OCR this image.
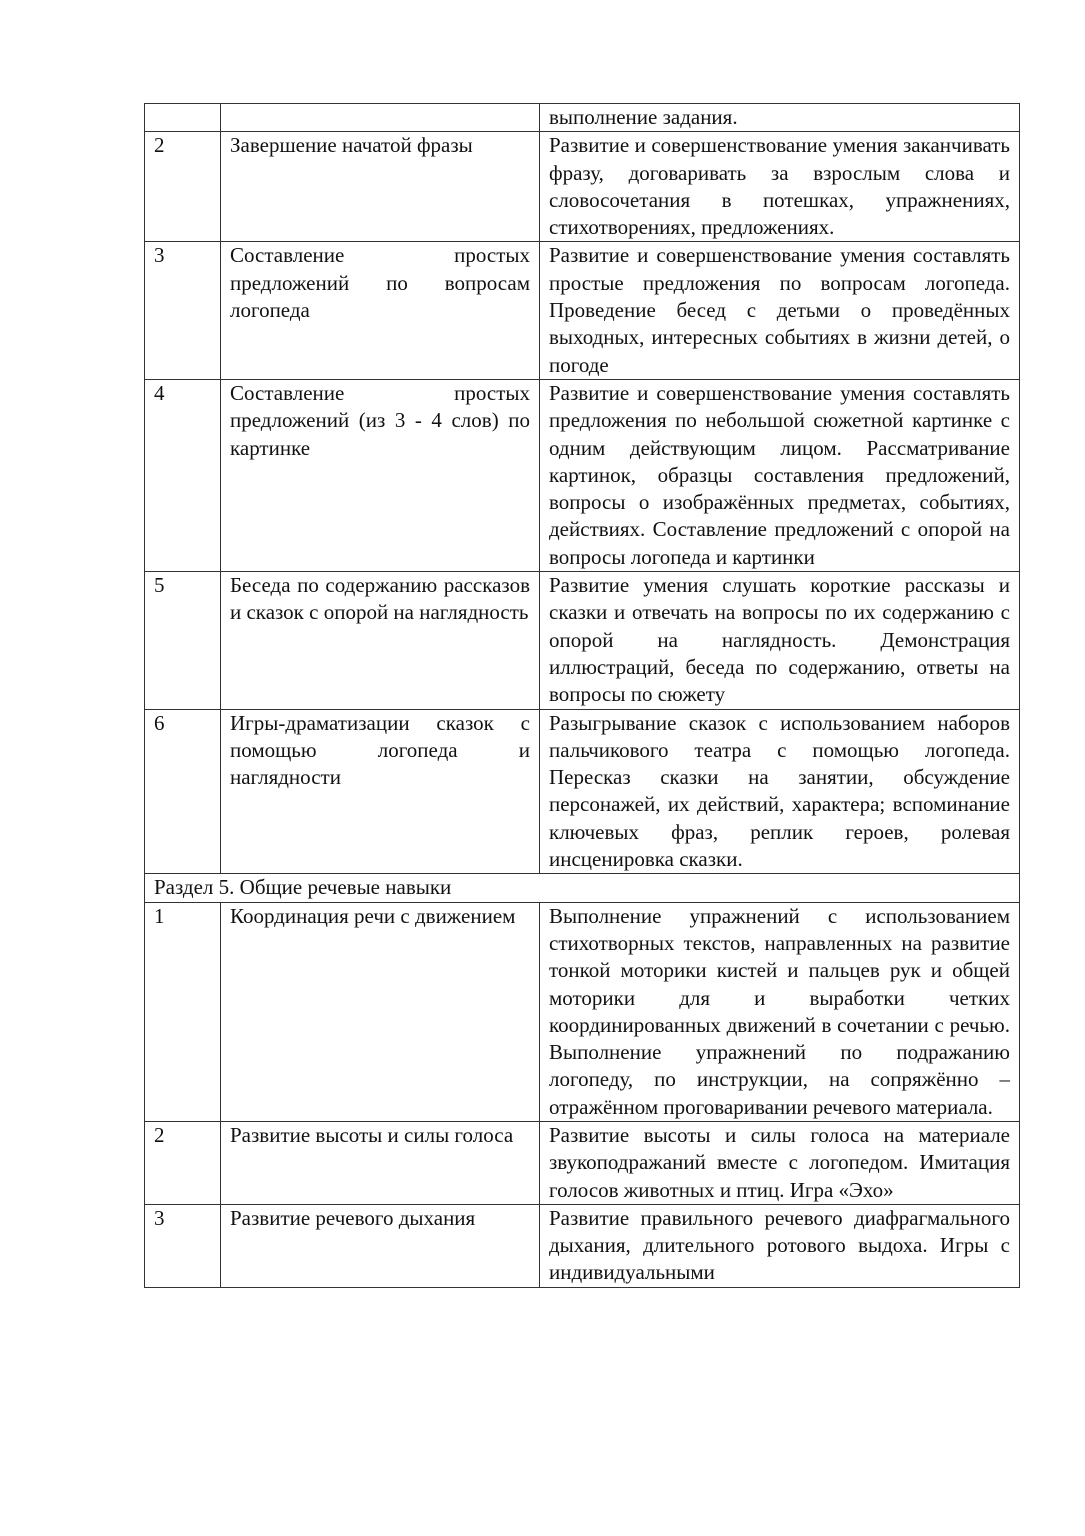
		выполнение задания.
2	Завершение начатой фразы	Развитие и совершенствование умения заканчивать фразу, договаривать за взрослым слова и словосочетания в потешках, упражнениях, стихотворениях, предложениях.
3	Составление простых предложений по вопросам логопеда	Развитие и совершенствование умения составлять простые предложения по вопросам логопеда. Проведение бесед с детьми о проведённых выходных, интересных событиях в жизни детей, о погоде
4	Составление простых предложений (из 3 - 4 слов) по картинке	Развитие и совершенствование умения составлять предложения по небольшой сюжетной картинке с одним действующим лицом. Рассматривание картинок, образцы составления предложений, вопросы о изображённых предметах, событиях, действиях. Составление предложений с опорой на вопросы логопеда и картинки
5	Беседа по содержанию рассказов и сказок с опорой на наглядность	Развитие умения слушать короткие рассказы и сказки и отвечать на вопросы по их содержанию с опорой на наглядность. Демонстрация иллюстраций, беседа по содержанию, ответы на вопросы по сюжету
6	Игры-драматизации сказок с помощью логопеда и наглядности	Разыгрывание сказок с использованием наборов пальчикового театра с помощью логопеда. Пересказ сказки на занятии, обсуждение персонажей, их действий, характера; вспоминание ключевых фраз, реплик героев, ролевая инсценировка сказки.
Раздел 5. Общие речевые навыки		
1	Координация речи с движением	Выполнение упражнений с использованием стихотворных текстов, направленных на развитие тонкой моторики кистей и пальцев рук и общей моторики для и выработки четких координированных движений в сочетании с речью. Выполнение упражнений по подражанию логопеду, по инструкции, на сопряжённо – отражённом проговаривании речевого материала.
2	Развитие высоты и силы голоса	Развитие высоты и силы голоса на материале звукоподражаний вместе с логопедом. Имитация голосов животных и птиц. Игра «Эхо»
3	Развитие речевого дыхания	Развитие правильного речевого диафрагмального дыхания, длительного ротового выдоха. Игры с индивидуальными
